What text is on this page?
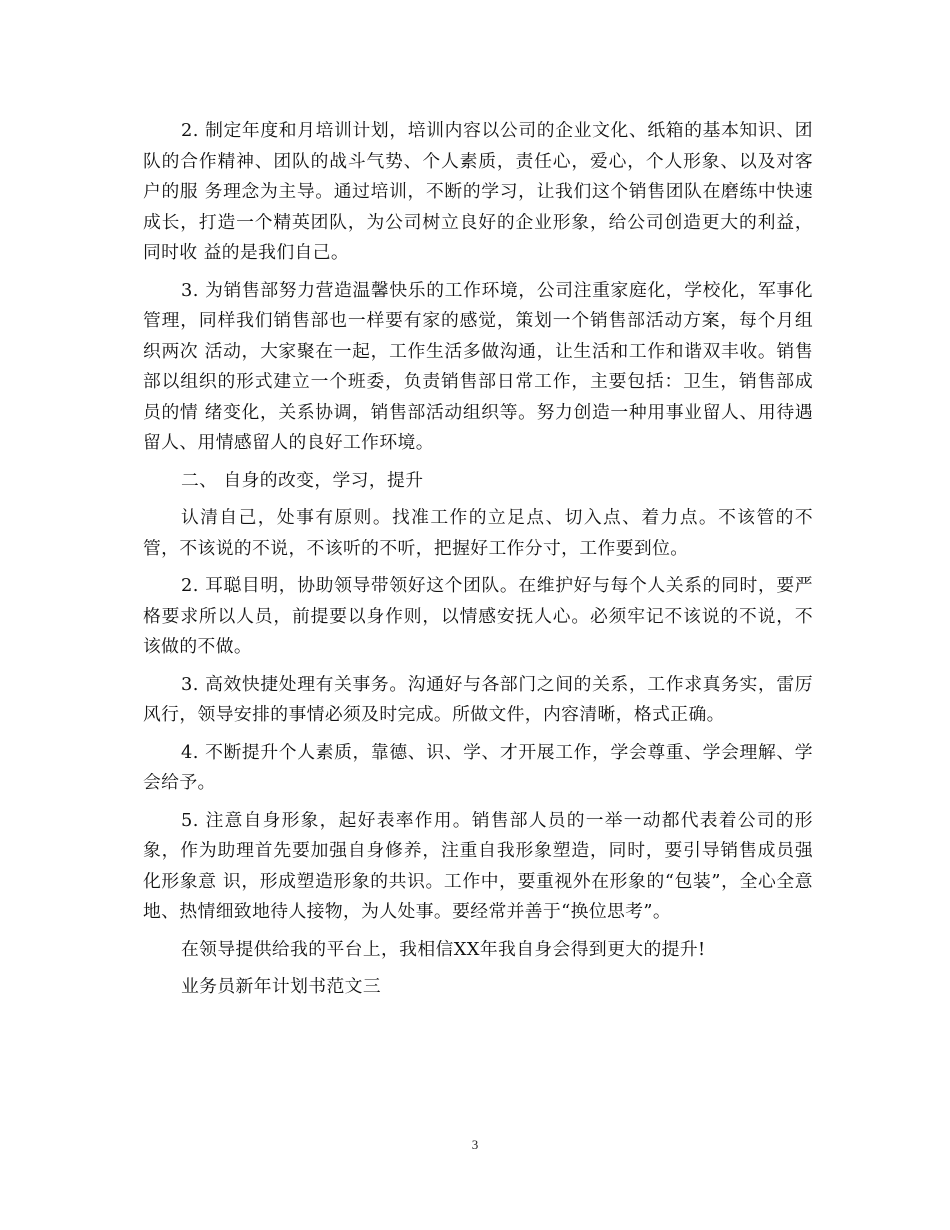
2. 制定年度和月培训计划，培训内容以公司的企业文化、纸箱的基本知识、团队的合作精神、团队的战斗气势、个人素质，责任心，爱心，个人形象、以及对客户的服 务理念为主导。通过培训，不断的学习，让我们这个销售团队在磨练中快速成长，打造一个精英团队，为公司树立良好的企业形象，给公司创造更大的利益，同时收 益的是我们自己。

3. 为销售部努力营造温馨快乐的工作环境，公司注重家庭化，学校化，军事化管理，同样我们销售部也一样要有家的感觉，策划一个销售部活动方案，每个月组织两次 活动，大家聚在一起，工作生活多做沟通，让生活和工作和谐双丰收。销售部以组织的形式建立一个班委，负责销售部日常工作，主要包括：卫生，销售部成员的情 绪变化，关系协调，销售部活动组织等。努力创造一种用事业留人、用待遇留人、用情感留人的良好工作环境。

二、 自身的改变，学习，提升

认清自己，处事有原则。找准工作的立足点、切入点、着力点。不该管的不管，不该说的不说，不该听的不听，把握好工作分寸，工作要到位。

2. 耳聪目明，协助领导带领好这个团队。在维护好与每个人关系的同时，要严格要求所以人员，前提要以身作则，以情感安抚人心。必须牢记不该说的不说，不该做的不做。

3. 高效快捷处理有关事务。沟通好与各部门之间的关系，工作求真务实，雷厉风行，领导安排的事情必须及时完成。所做文件，内容清晰，格式正确。

4. 不断提升个人素质，靠德、识、学、才开展工作，学会尊重、学会理解、学会给予。

5. 注意自身形象，起好表率作用。销售部人员的一举一动都代表着公司的形象，作为助理首先要加强自身修养，注重自我形象塑造，同时，要引导销售成员强化形象意 识，形成塑造形象的共识。工作中，要重视外在形象的“包装”，全心全意地、热情细致地待人接物，为人处事。要经常并善于“换位思考”。

在领导提供给我的平台上，我相信XX年我自身会得到更大的提升!

业务员新年计划书范文三

3
